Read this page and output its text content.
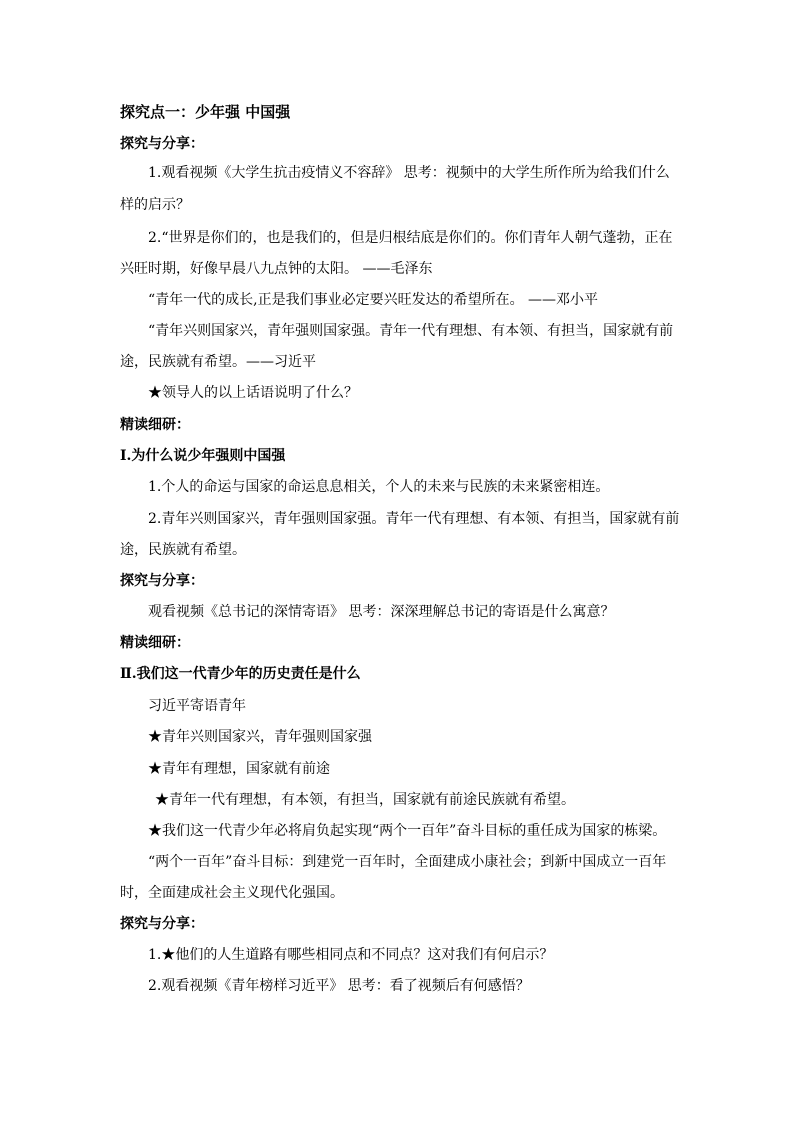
探究点一：少年强 中国强
探究与分享：
1.观看视频《大学生抗击疫情义不容辞》 思考：视频中的大学生所作所为给我们什么
样的启示？
2.“世界是你们的，也是我们的，但是归根结底是你们的。你们青年人朝气蓬勃，正在
兴旺时期，好像早晨八九点钟的太阳。 ——毛泽东
“青年一代的成长,正是我们事业必定要兴旺发达的希望所在。 ——邓小平
“青年兴则国家兴，青年强则国家强。青年一代有理想、有本领、有担当，国家就有前
途，民族就有希望。——习近平
★领导人的以上话语说明了什么？
精读细研：
Ⅰ.为什么说少年强则中国强
1.个人的命运与国家的命运息息相关，个人的未来与民族的未来紧密相连。
2.青年兴则国家兴，青年强则国家强。青年一代有理想、有本领、有担当，国家就有前
途，民族就有希望。
探究与分享：
观看视频《总书记的深情寄语》 思考：深深理解总书记的寄语是什么寓意？
精读细研：
Ⅱ.我们这一代青少年的历史责任是什么
习近平寄语青年
★青年兴则国家兴，青年强则国家强
★青年有理想，国家就有前途
★青年一代有理想，有本领，有担当，国家就有前途民族就有希望。
★我们这一代青少年必将肩负起实现“两个一百年”奋斗目标的重任成为国家的栋梁。
“两个一百年”奋斗目标：到建党一百年时，全面建成小康社会；到新中国成立一百年
时，全面建成社会主义现代化强国。
探究与分享：
1.★他们的人生道路有哪些相同点和不同点？这对我们有何启示？
2.观看视频《青年榜样习近平》 思考：看了视频后有何感悟？
